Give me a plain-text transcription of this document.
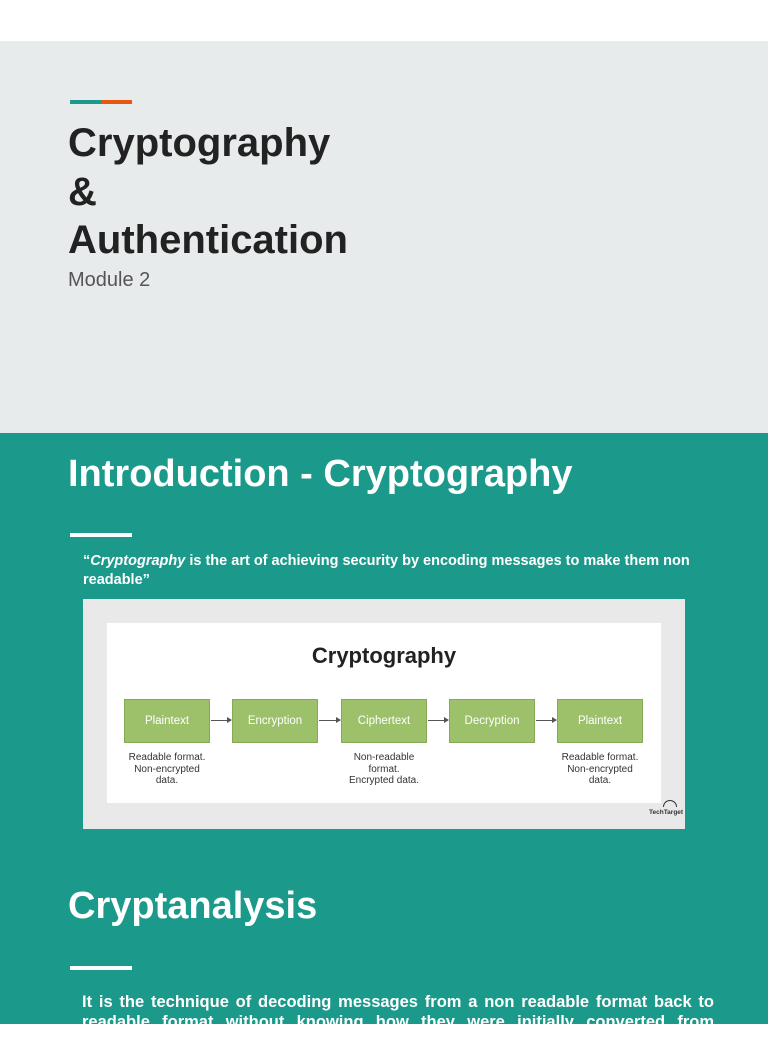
Cryptography
&
Authentication
Module 2
Introduction - Cryptography
“Cryptography is the art of achieving security by encoding messages to make them non readable”
Cryptography
Plaintext	Encryption	Ciphertext	Decryption	Plaintext
Readable format.
Non-encrypted
data.
Non-readable
format.
Encrypted data.
Readable format.
Non-encrypted
data.
TechTarget
Cryptanalysis
It is the technique of decoding messages from a non readable format back to readable format without knowing how they were initially converted from readable
